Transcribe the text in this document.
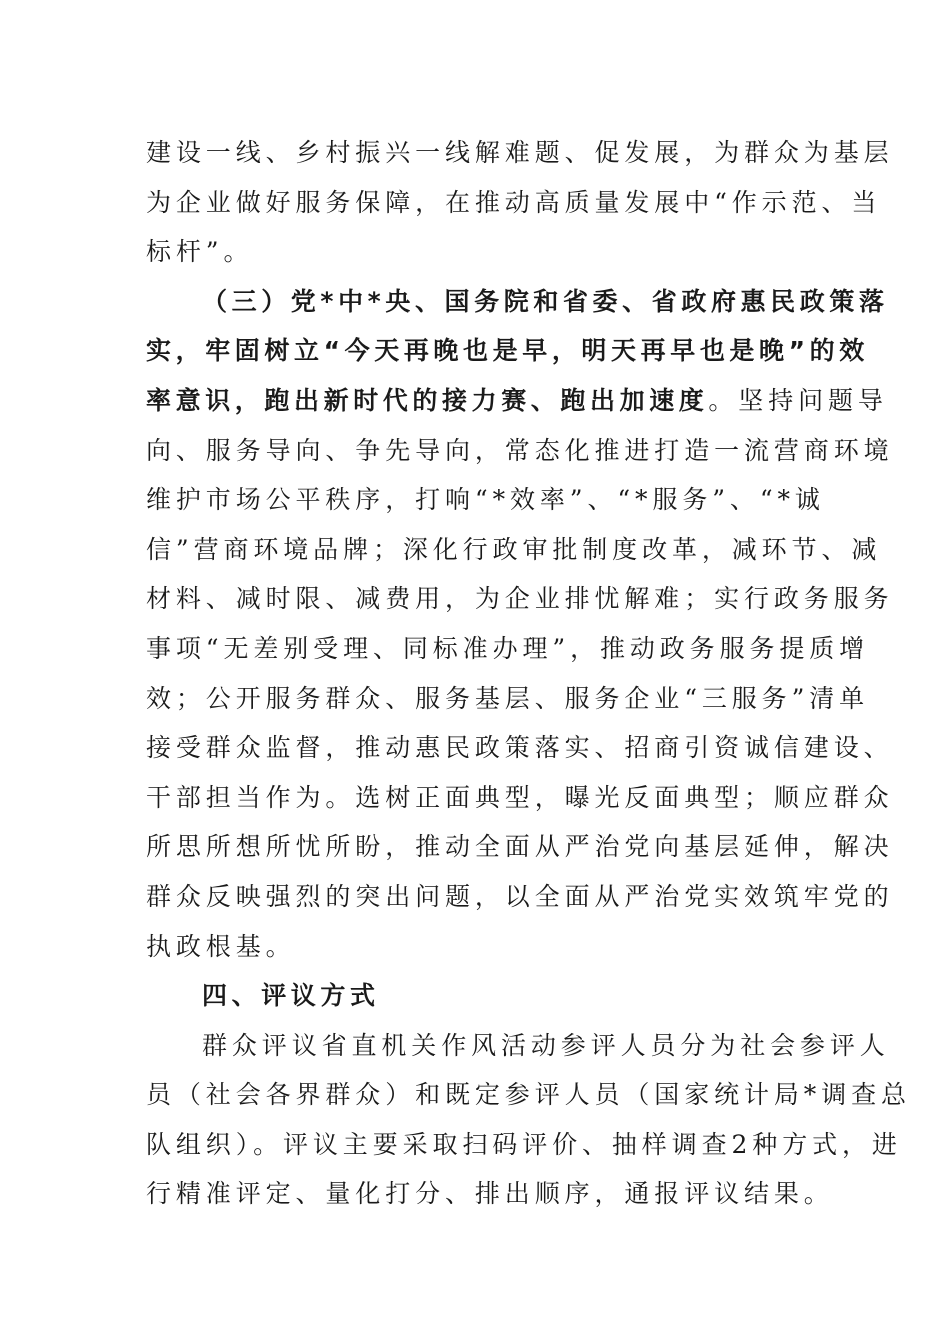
建设一线、乡村振兴一线解难题、促发展，为群众为基层
为企业做好服务保障，在推动高质量发展中“作示范、当
标杆”。
（三）党*中*央、国务院和省委、省政府惠民政策落
实，牢固树立“今天再晚也是早，明天再早也是晚”的效
率意识，跑出新时代的接力赛、跑出加速度。坚持问题导
向、服务导向、争先导向，常态化推进打造一流营商环境
维护市场公平秩序，打响“*效率”、“*服务”、“*诚
信”营商环境品牌；深化行政审批制度改革，减环节、减
材料、减时限、减费用，为企业排忧解难；实行政务服务
事项“无差别受理、同标准办理”，推动政务服务提质增
效；公开服务群众、服务基层、服务企业“三服务”清单
接受群众监督，推动惠民政策落实、招商引资诚信建设、
干部担当作为。选树正面典型，曝光反面典型；顺应群众
所思所想所忧所盼，推动全面从严治党向基层延伸，解决
群众反映强烈的突出问题，以全面从严治党实效筑牢党的
执政根基。
四、评议方式
群众评议省直机关作风活动参评人员分为社会参评人
员（社会各界群众）和既定参评人员（国家统计局*调查总
队组织）。评议主要采取扫码评价、抽样调查2种方式，进
行精准评定、量化打分、排出顺序，通报评议结果。
